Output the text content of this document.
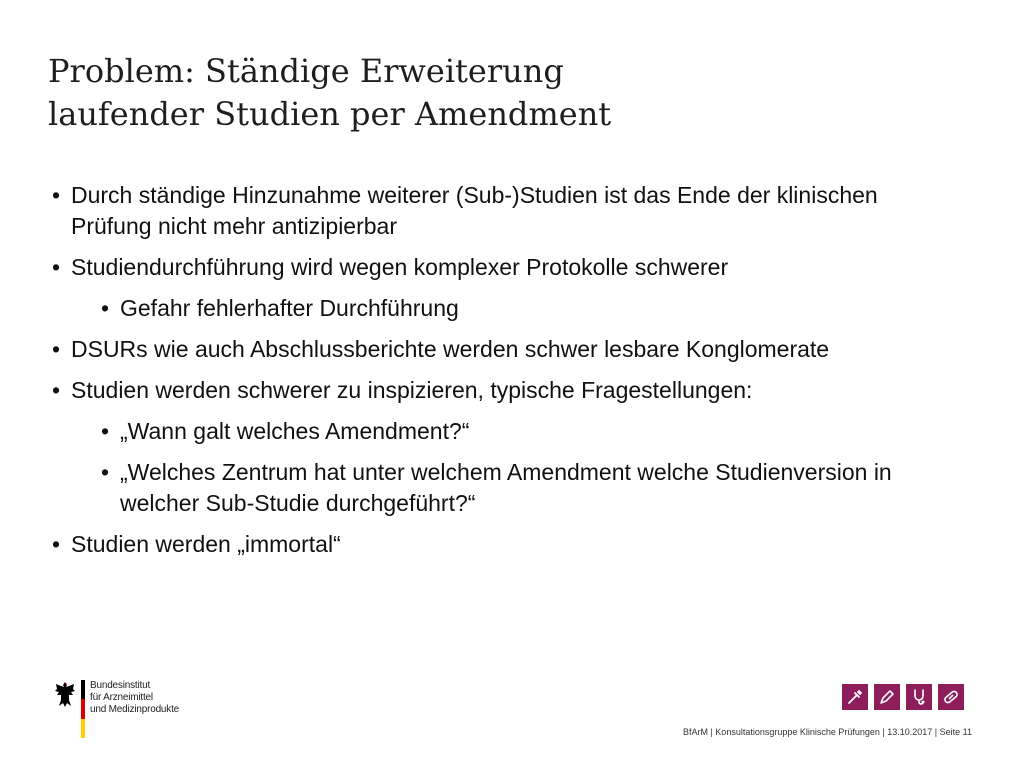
Problem: Ständige Erweiterung
laufender Studien per Amendment
• Durch ständige Hinzunahme weiterer (Sub-)Studien ist das Ende der klinischen Prüfung nicht mehr antizipierbar
• Studiendurchführung wird wegen komplexer Protokolle schwerer
• Gefahr fehlerhafter Durchführung
• DSURs wie auch Abschlussberichte werden schwer lesbare Konglomerate
• Studien werden schwerer zu inspizieren, typische Fragestellungen:
• „Wann galt welches Amendment?“
• „Welches Zentrum hat unter welchem Amendment welche Studienversion in welcher Sub-Studie durchgeführt?“
• Studien werden „immortal“
Bundesinstitut
für Arzneimittel
und Medizinprodukte
BfArM | Konsultationsgruppe Klinische Prüfungen | 13.10.2017 | Seite 11
